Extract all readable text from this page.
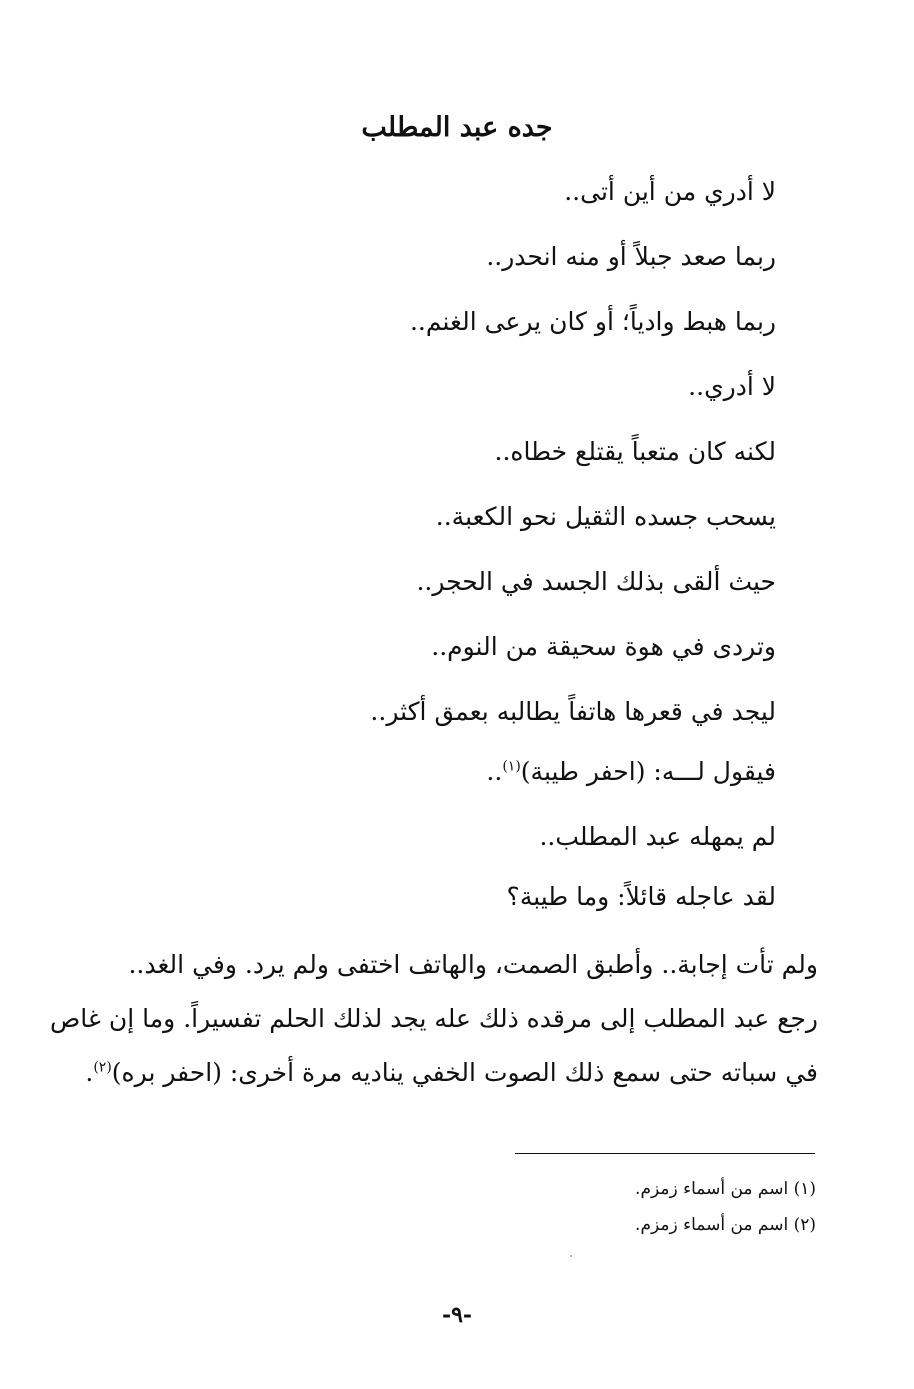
جده عبد المطلب
لا أدري من أين أتى..
ربما صعد جبلاً أو منه انحدر..
ربما هبط وادياً؛ أو كان يرعى الغنم..
لا أدري..
لكنه كان متعباً يقتلع خطاه..
يسحب جسده الثقيل نحو الكعبة..
حيث ألقى بذلك الجسد في الحجر..
وتردى في هوة سحيقة من النوم..
ليجد في قعرها هاتفاً يطالبه بعمق أكثر..
فيقول لـــه: (احفر طيبة)$^{(١)}$..
لم يمهله عبد المطلب..
لقد عاجله قائلاً: وما طيبة؟
ولم تأت إجابة.. وأطبق الصمت، والهاتف اختفى ولم يرد. وفي الغد..
رجع عبد المطلب إلى مرقده ذلك عله يجد لذلك الحلم تفسيراً. وما إن غاص
في سباته حتى سمع ذلك الصوت الخفي يناديه مرة أخرى: (احفر بره)$^{(٢)}$.
(١) اسم من أسماء زمزم.
(٢) اسم من أسماء زمزم.
-٩-
